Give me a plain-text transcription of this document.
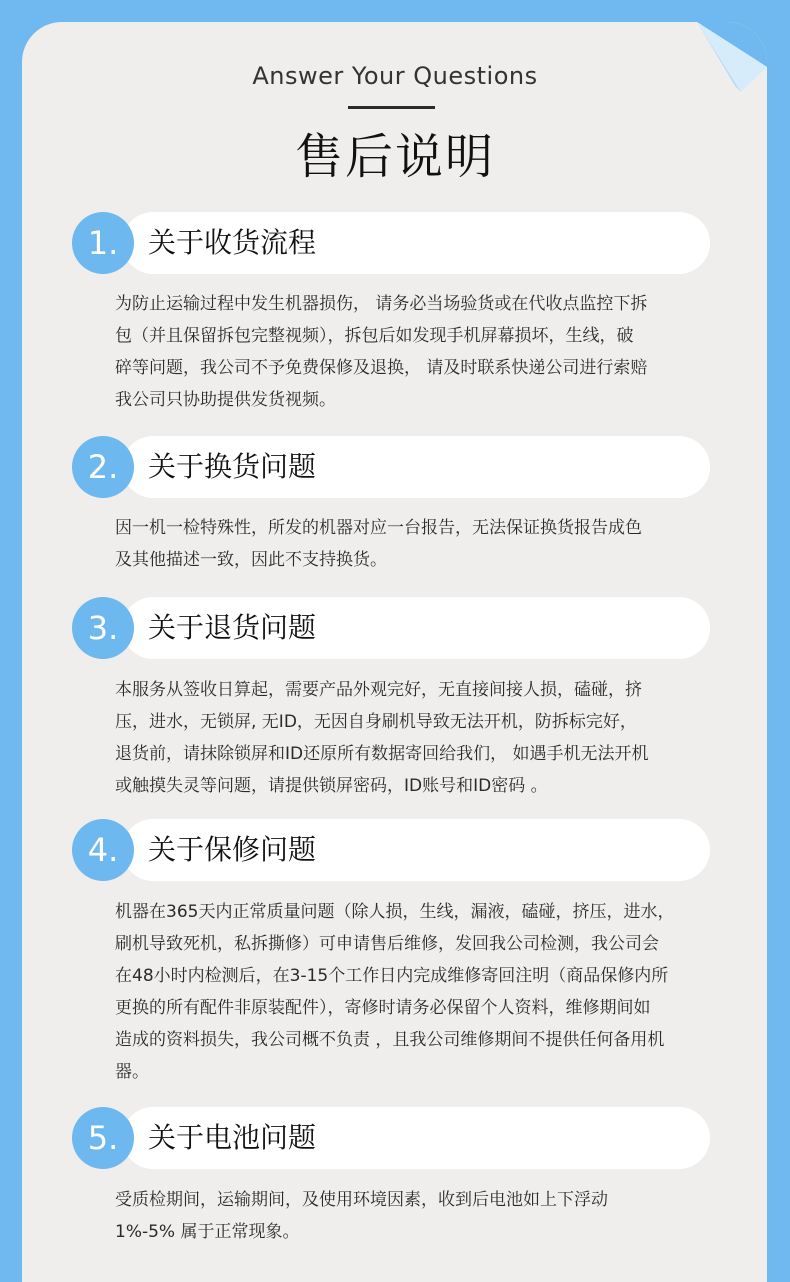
Answer Your Questions
售后说明
1.	关于收货流程
为防止运输过程中发生机器损伤， 请务必当场验货或在代收点监控下拆
包（并且保留拆包完整视频），拆包后如发现手机屏幕损坏，生线，破
碎等问题，我公司不予免费保修及退换， 请及时联系快递公司进行索赔
我公司只协助提供发货视频。
2.	关于换货问题
因一机一检特殊性，所发的机器对应一台报告，无法保证换货报告成色
及其他描述一致，因此不支持换货。
3.	关于退货问题
本服务从签收日算起，需要产品外观完好，无直接间接人损，磕碰，挤
压，进水，无锁屏, 无ID，无因自身刷机导致无法开机，防拆标完好，
退货前，请抹除锁屏和ID还原所有数据寄回给我们， 如遇手机无法开机
或触摸失灵等问题，请提供锁屏密码，ID账号和ID密码 。
4.	关于保修问题
机器在365天内正常质量问题（除人损，生线，漏液，磕碰，挤压，进水，
刷机导致死机，私拆撕修）可申请售后维修，发回我公司检测，我公司会
在48小时内检测后，在3-15个工作日内完成维修寄回注明（商品保修内所
更换的所有配件非原装配件），寄修时请务必保留个人资料，维修期间如
造成的资料损失，我公司概不负责 ，且我公司维修期间不提供任何备用机
器。
5.	关于电池问题
受质检期间，运输期间，及使用环境因素，收到后电池如上下浮动
1%-5% 属于正常现象。
